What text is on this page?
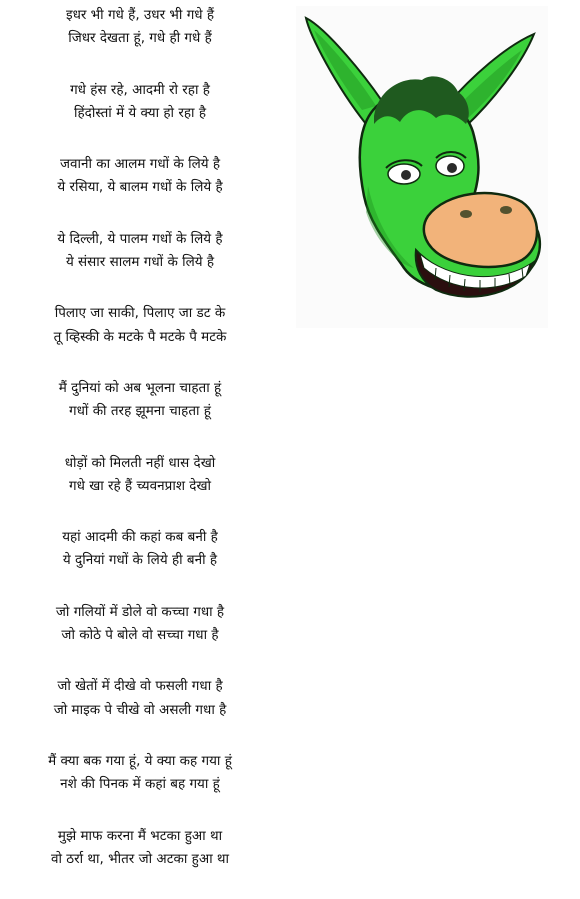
इधर भी गधे हैं, उधर भी गधे हैं
जिधर देखता हूं, गधे ही गधे हैं
गधे हंस रहे, आदमी रो रहा है
हिंदोस्तां में ये क्या हो रहा है
जवानी का आलम गधों के लिये है
ये रसिया, ये बालम गधों के लिये है
ये दिल्ली, ये पालम गधों के लिये है
ये संसार सालम गधों के लिये है
पिलाए जा साकी, पिलाए जा डट के
तू व्हिस्की के मटके पै मटके पै मटके
मैं दुनियां को अब भूलना चाहता हूं
गधों की तरह झूमना चाहता हूं
धोड़ों को मिलती नहीं धास देखो
गधे खा रहे हैं च्यवनप्राश देखो
यहां आदमी की कहां कब बनी है
ये दुनियां गधों के लिये ही बनी है
जो गलियों में डोले वो कच्चा गधा है
जो कोठे पे बोले वो सच्चा गधा है
जो खेतों में दीखे वो फसली गधा है
जो माइक पे चीखे वो असली गधा है
मैं क्या बक गया हूं, ये क्या कह गया हूं
नशे की पिनक में कहां बह गया हूं
मुझे माफ करना मैं भटका हुआ था
वो ठर्रा था, भीतर जो अटका हुआ था
